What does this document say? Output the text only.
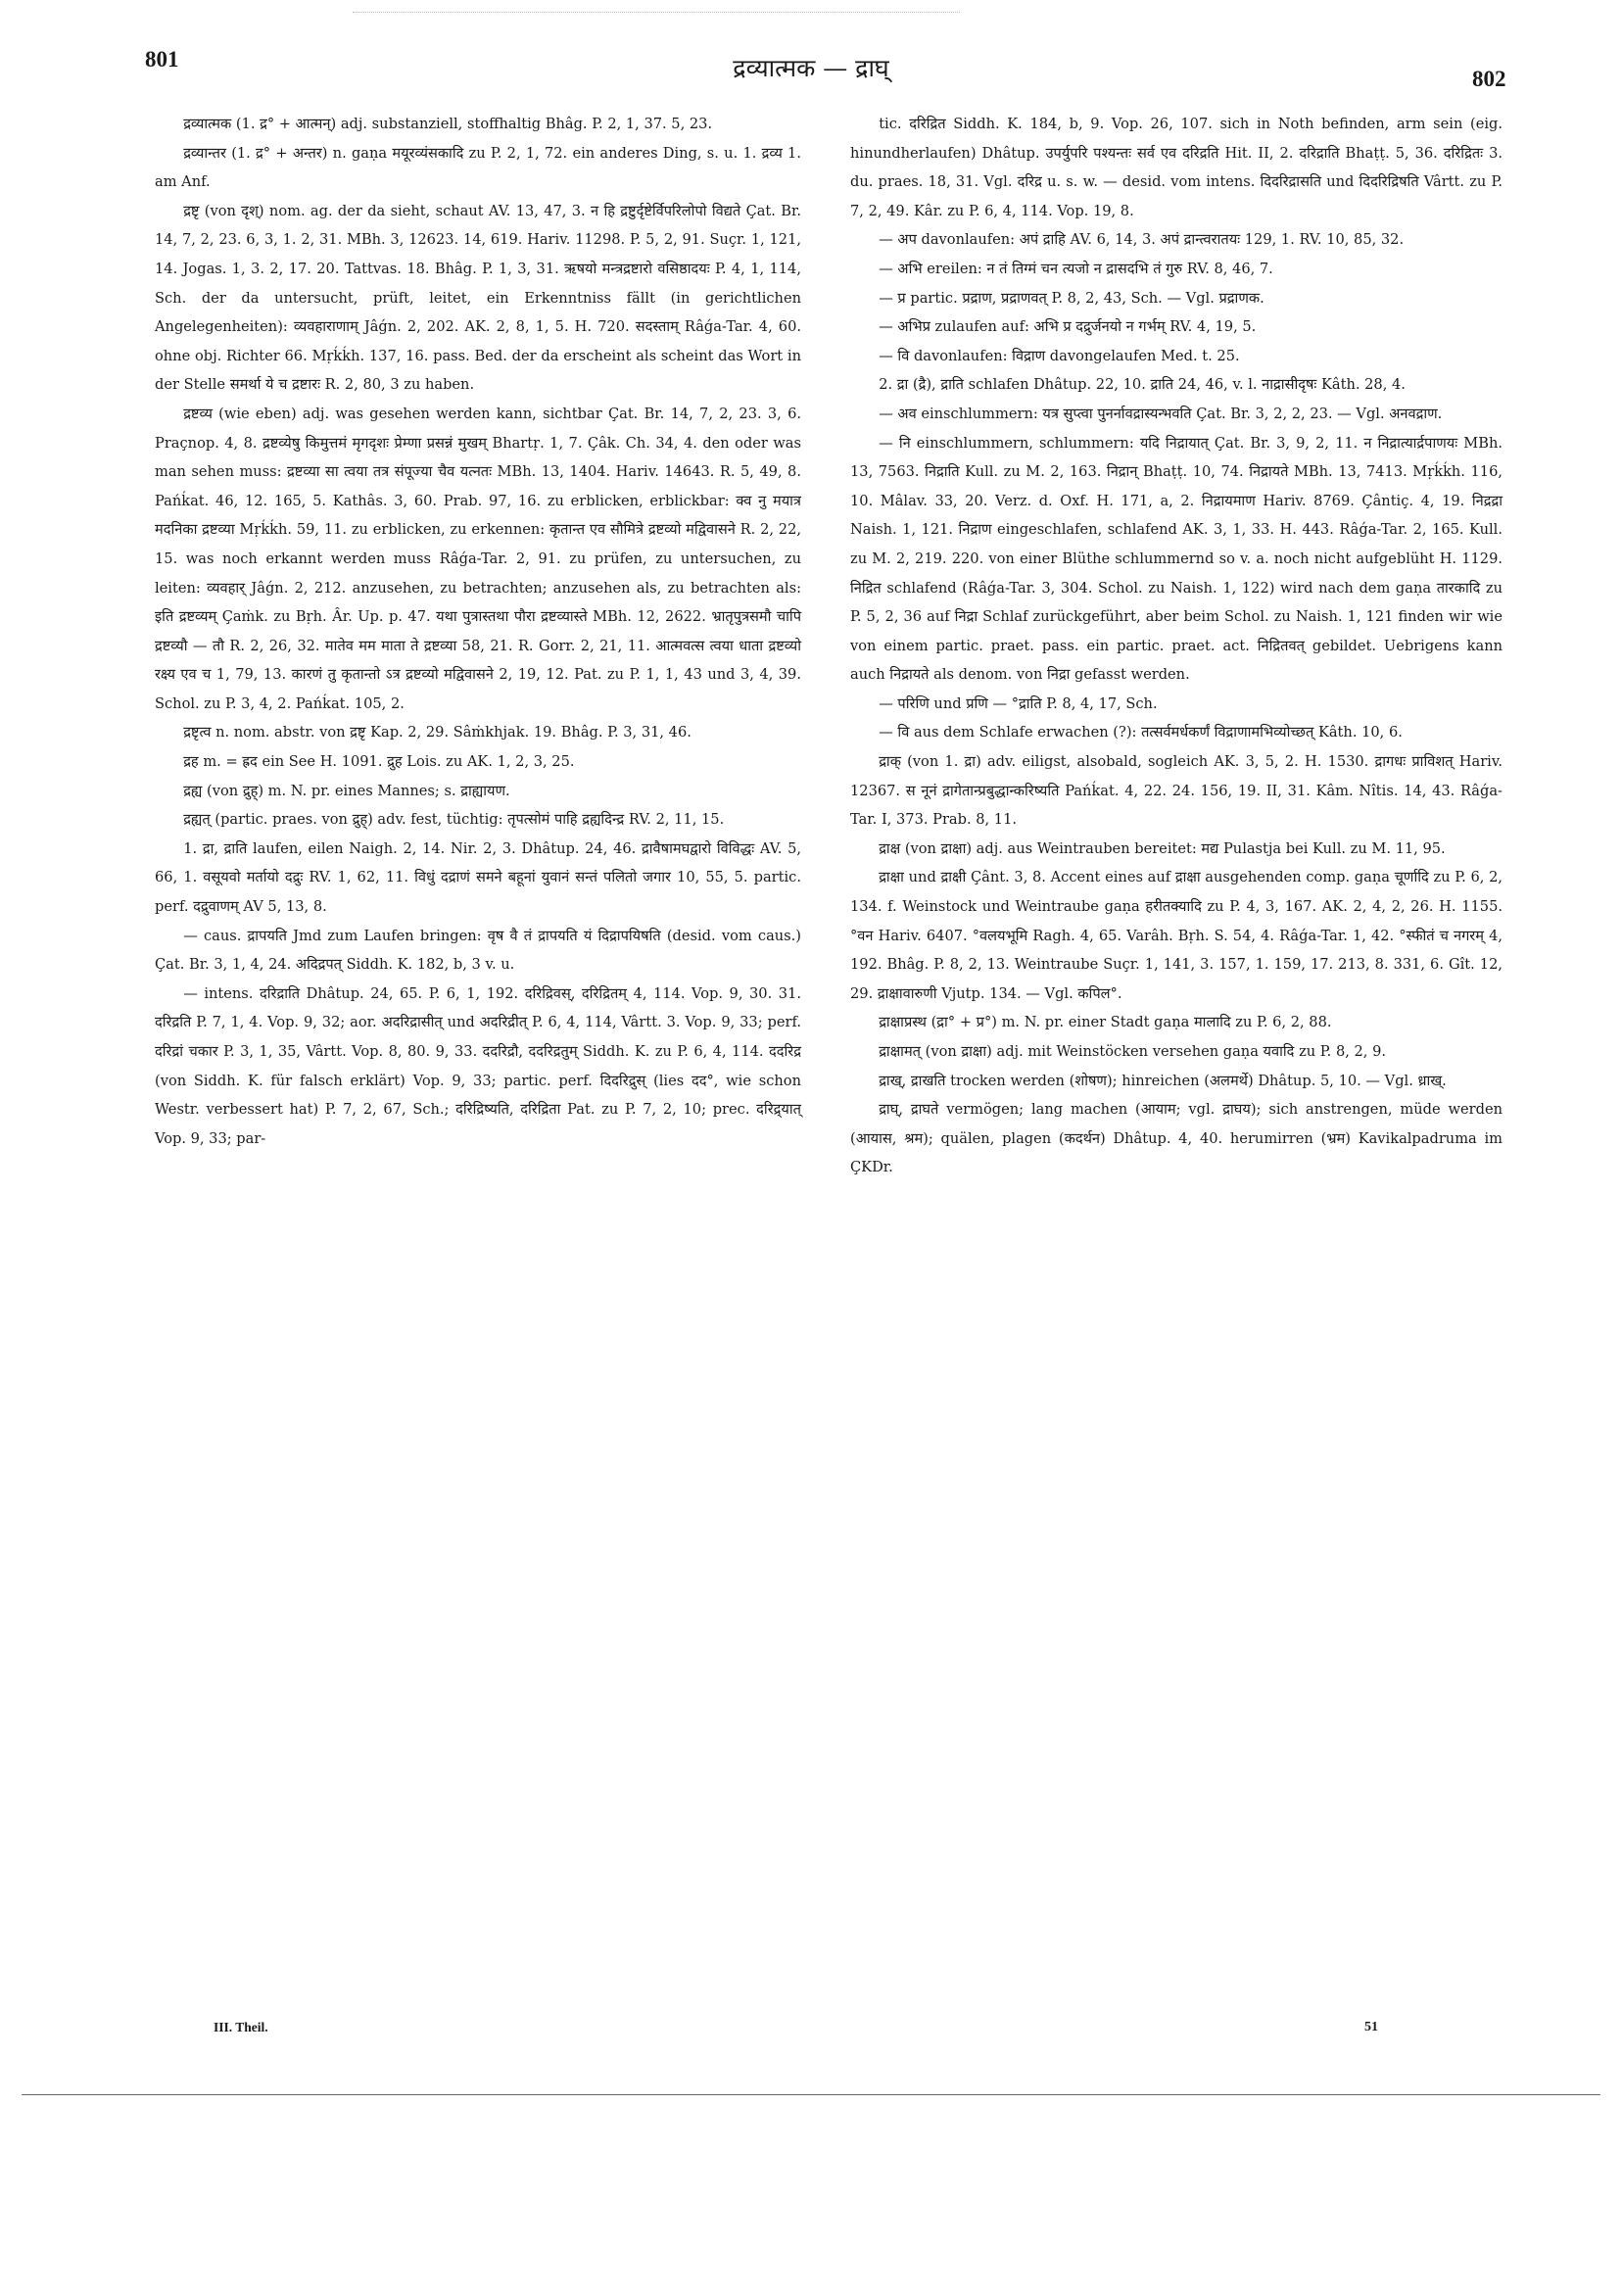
801	द्रव्यात्मक — द्राघ्	802

द्रव्यात्मक (1. द्र° + आत्मन्) adj. substanziell, stoffhaltig Bhâg. P. 2, 1, 37. 5, 23.

द्रव्यान्तर (1. द्र° + अन्तर) n. gaṇa मयूरव्यंसकादि zu P. 2, 1, 72. ein anderes Ding, s. u. 1. द्रव्य 1. am Anf.

द्रष्टृ (von दृश्) nom. ag. der da sieht, schaut AV. 13, 47, 3. न हि द्रष्टुर्दृष्टेर्विपरिलोपो विद्यते Çat. Br. 14, 7, 2, 23. 6, 3, 1. 2, 31. MBh. 3, 12623. 14, 619. Hariv. 11298. P. 5, 2, 91. Suçr. 1, 121, 14. Jogas. 1, 3. 2, 17. 20. Tattvas. 18. Bhâg. P. 1, 3, 31. ऋषयो मन्त्रद्रष्टारो वसिष्ठादयः P. 4, 1, 114, Sch. der da untersucht, prüft, leitet, ein Erkenntniss fällt (in gerichtlichen Angelegenheiten): व्यवहाराणाम् Jâǵn. 2, 202. AK. 2, 8, 1, 5. H. 720. सदस्ताम् Râǵa-Tar. 4, 60. ohne obj. Richter 66. Mṛḱḱh. 137, 16. pass. Bed. der da erscheint als scheint das Wort in der Stelle समर्था ये च द्रष्टारः R. 2, 80, 3 zu haben.

द्रष्टव्य (wie eben) adj. was gesehen werden kann, sichtbar Çat. Br. 14, 7, 2, 23. 3, 6. Praçnop. 4, 8. द्रष्टव्येषु किमुत्तमं मृगदृशः प्रेम्णा प्रसन्नं मुखम् Bhartṛ. 1, 7. Çâk. Ch. 34, 4. den oder was man sehen muss: द्रष्टव्या सा त्वया तत्र संपूज्या चैव यत्नतः MBh. 13, 1404. Hariv. 14643. R. 5, 49, 8. Pańḱat. 46, 12. 165, 5. Kathâs. 3, 60. Prab. 97, 16. zu erblicken, erblickbar: क्व नु मयात्र मदनिका द्रष्टव्या Mṛḱḱh. 59, 11. zu erblicken, zu erkennen: कृतान्त एव सौमित्रे द्रष्टव्यो मद्विवासने R. 2, 22, 15. was noch erkannt werden muss Râǵa-Tar. 2, 91. zu prüfen, zu untersuchen, zu leiten: व्यवहार् Jâǵn. 2, 212. anzusehen, zu betrachten; anzusehen als, zu betrachten als: इति द्रष्टव्यम् Çaṁk. zu Bṛh. Âr. Up. p. 47. यथा पुत्रास्तथा पौरा द्रष्टव्यास्ते MBh. 12, 2622. भ्रातृपुत्रसमौ चापि द्रष्टव्यौ — तौ R. 2, 26, 32. मातेव मम माता ते द्रष्टव्या 58, 21. R. Gorr. 2, 21, 11. आत्मवत्स त्वया धाता द्रष्टव्यो रक्ष्य एव च 1, 79, 13. कारणं तु कृतान्तो ऽत्र द्रष्टव्यो मद्विवासने 2, 19, 12. Pat. zu P. 1, 1, 43 und 3, 4, 39. Schol. zu P. 3, 4, 2. Pańḱat. 105, 2.

द्रष्टृत्व n. nom. abstr. von द्रष्टृ Kap. 2, 29. Sâṁkhjak. 19. Bhâg. P. 3, 31, 46.

द्रह m. = ह्रद ein See H. 1091. द्रुह Lois. zu AK. 1, 2, 3, 25.

द्रह्य (von द्रुह्) m. N. pr. eines Mannes; s. द्राह्यायण.

द्रह्यत् (partic. praes. von द्रुह्) adv. fest, tüchtig: तृपत्सोमं पाहि द्रह्यदिन्द्र RV. 2, 11, 15.

1. द्रा, द्राति laufen, eilen Naigh. 2, 14. Nir. 2, 3. Dhâtup. 24, 46. द्रावैषामघद्वारो विविद्धः AV. 5, 66, 1. वसूयवो मर्तायो दद्रुः RV. 1, 62, 11. विधुं दद्राणं समने बहूनां युवानं सन्तं पलितो जगार 10, 55, 5. partic. perf. दद्रुवाणम् AV 5, 13, 8.

— caus. द्रापयति Jmd zum Laufen bringen: वृष वै तं द्रापयति यं दिद्रापयिषति (desid. vom caus.) Çat. Br. 3, 1, 4, 24. अदिद्रपत् Siddh. K. 182, b, 3 v. u.

— intens. दरिद्राति Dhâtup. 24, 65. P. 6, 1, 192. दरिद्रिवस्, दरिद्रितम् 4, 114. Vop. 9, 30. 31. दरिद्रति P. 7, 1, 4. Vop. 9, 32; aor. अदरिद्रासीत् und अदरिद्रीत् P. 6, 4, 114, Vârtt. 3. Vop. 9, 33; perf. दरिद्रां चकार P. 3, 1, 35, Vârtt. Vop. 8, 80. 9, 33. ददरिद्रौ, ददरिद्रतुम् Siddh. K. zu P. 6, 4, 114. ददरिद्र (von Siddh. K. für falsch erklärt) Vop. 9, 33; partic. perf. दिदरिद्रुस् (lies दद°, wie schon Westr. verbessert hat) P. 7, 2, 67, Sch.; दरिद्रिष्यति, दरिद्रिता Pat. zu P. 7, 2, 10; prec. दरिद्र्यात् Vop. 9, 33; par-

tic. दरिद्रित Siddh. K. 184, b, 9. Vop. 26, 107. sich in Noth befinden, arm sein (eig. hinundherlaufen) Dhâtup. उपर्युपरि पश्यन्तः सर्व एव दरिद्रति Hit. II, 2. दरिद्राति Bhaṭṭ. 5, 36. दरिद्रितः 3. du. praes. 18, 31. Vgl. दरिद्र u. s. w. — desid. vom intens. दिदरिद्रासति und दिदरिद्रिषति Vârtt. zu P. 7, 2, 49. Kâr. zu P. 6, 4, 114. Vop. 19, 8.

— अप davonlaufen: अपं द्राहि AV. 6, 14, 3. अपं द्रान्त्वरातयः 129, 1. RV. 10, 85, 32.

— अभि ereilen: न तं तिग्मं चन त्यजो न द्रासदभि तं गुरु RV. 8, 46, 7.

— प्र partic. प्रद्राण, प्रद्राणवत् P. 8, 2, 43, Sch. — Vgl. प्रद्राणक.

— अभिप्र zulaufen auf: अभि प्र दद्रुर्जनयो न गर्भम् RV. 4, 19, 5.

— वि davonlaufen: विद्राण davongelaufen Med. t. 25.

2. द्रा (द्रै), द्राति schlafen Dhâtup. 22, 10. द्राति 24, 46, v. l. नाद्रासीदृषः Kâth. 28, 4.

— अव einschlummern: यत्र सुप्त्वा पुनर्नावद्रास्यन्भवति Çat. Br. 3, 2, 2, 23. — Vgl. अनवद्राण.

— नि einschlummern, schlummern: यदि निद्रायात् Çat. Br. 3, 9, 2, 11. न निद्रात्यार्द्रपाणयः MBh. 13, 7563. निद्राति Kull. zu M. 2, 163. निद्रान् Bhaṭṭ. 10, 74. निद्रायते MBh. 13, 7413. Mṛḱḱh. 116, 10. Mâlav. 33, 20. Verz. d. Oxf. H. 171, a, 2. निद्रायमाण Hariv. 8769. Çântiç. 4, 19. निद्रद्रा Naish. 1, 121. निद्राण eingeschlafen, schlafend AK. 3, 1, 33. H. 443. Râǵa-Tar. 2, 165. Kull. zu M. 2, 219. 220. von einer Blüthe schlummernd so v. a. noch nicht aufgeblüht H. 1129. निद्रित schlafend (Râǵa-Tar. 3, 304. Schol. zu Naish. 1, 122) wird nach dem gaṇa तारकादि zu P. 5, 2, 36 auf निद्रा Schlaf zurückgeführt, aber beim Schol. zu Naish. 1, 121 finden wir wie von einem partic. praet. pass. ein partic. praet. act. निद्रितवत् gebildet. Uebrigens kann auch निद्रायते als denom. von निद्रा gefasst werden.

— परिणि und प्रणि — °द्राति P. 8, 4, 17, Sch.

— वि aus dem Schlafe erwachen (?): तत्सर्वमर्धकर्णं विद्राणामभिव्योच्छत् Kâth. 10, 6.

द्राक् (von 1. द्रा) adv. eiligst, alsobald, sogleich AK. 3, 5, 2. H. 1530. द्रागधः प्राविशत् Hariv. 12367. स नूनं द्रागेतान्प्रबुद्धान्करिष्यति Pańḱat. 4, 22. 24. 156, 19. II, 31. Kâm. Nîtis. 14, 43. Râǵa-Tar. I, 373. Prab. 8, 11.

द्राक्ष (von द्राक्षा) adj. aus Weintrauben bereitet: मद्य Pulastja bei Kull. zu M. 11, 95.

द्राक्षा und द्राक्षी Çânt. 3, 8. Accent eines auf द्राक्षा ausgehenden comp. gaṇa चूर्णादि zu P. 6, 2, 134. f. Weinstock und Weintraube gaṇa हरीतक्यादि zu P. 4, 3, 167. AK. 2, 4, 2, 26. H. 1155. °वन Hariv. 6407. °वलयभूमि Ragh. 4, 65. Varâh. Bṛh. S. 54, 4. Râǵa-Tar. 1, 42. °स्फीतं च नगरम् 4, 192. Bhâg. P. 8, 2, 13. Weintraube Suçr. 1, 141, 3. 157, 1. 159, 17. 213, 8. 331, 6. Gît. 12, 29. द्राक्षावारुणी Vjutp. 134. — Vgl. कपिल°.

द्राक्षाप्रस्थ (द्रा° + प्र°) m. N. pr. einer Stadt gaṇa मालादि zu P. 6, 2, 88.

द्राक्षामत् (von द्राक्षा) adj. mit Weinstöcken versehen gaṇa यवादि zu P. 8, 2, 9.

द्राख्, द्राखति trocken werden (शोषण); hinreichen (अलमर्थे) Dhâtup. 5, 10. — Vgl. ध्राख्.

द्राघ्, द्राघते vermögen; lang machen (आयाम; vgl. द्राघय); sich anstrengen, müde werden (आयास, श्रम); quälen, plagen (कदर्थन) Dhâtup. 4, 40. herumirren (भ्रम) Kavikalpadruma im ÇKDr.

III. Theil.	51
